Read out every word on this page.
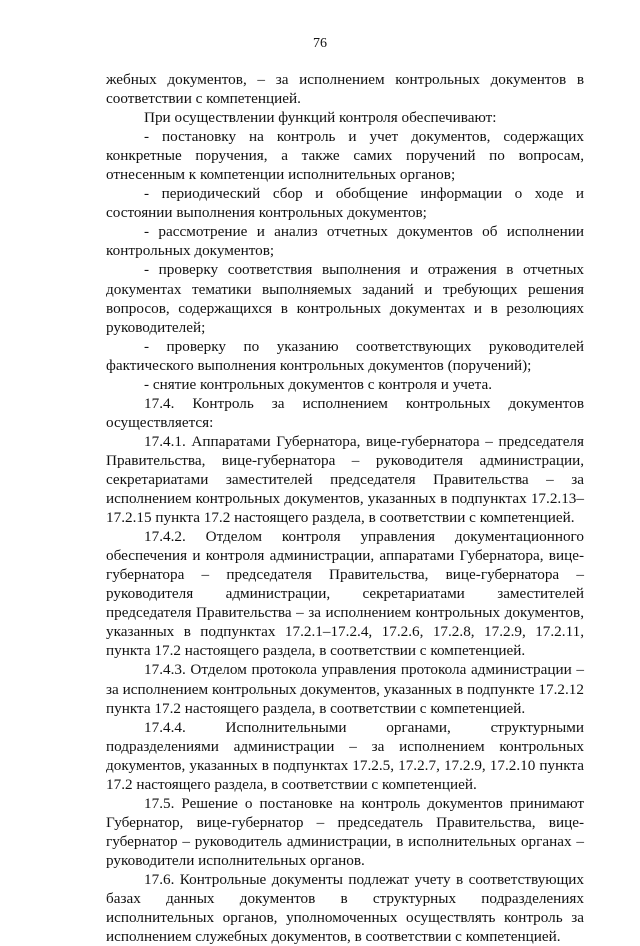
76

жебных документов, – за исполнением контрольных документов в соответствии с компетенцией.

При осуществлении функций контроля обеспечивают:

- постановку на контроль и учет документов, содержащих конкретные поручения, а также самих поручений по вопросам, отнесенным к компетенции исполнительных органов;

- периодический сбор и обобщение информации о ходе и состоянии выполнения контрольных документов;

- рассмотрение и анализ отчетных документов об исполнении контрольных документов;

- проверку соответствия выполнения и отражения в отчетных документах тематики выполняемых заданий и требующих решения вопросов, содержащихся в контрольных документах и в резолюциях руководителей;

- проверку по указанию соответствующих руководителей фактического выполнения контрольных документов (поручений);

- снятие контрольных документов с контроля и учета.

17.4. Контроль за исполнением контрольных документов осуществляется:

17.4.1. Аппаратами Губернатора, вице-губернатора – председателя Правительства, вице-губернатора – руководителя администрации, секретариатами заместителей председателя Правительства – за исполнением контрольных документов, указанных в подпунктах 17.2.13–17.2.15 пункта 17.2 настоящего раздела, в соответствии с компетенцией.

17.4.2. Отделом контроля управления документационного обеспечения и контроля администрации, аппаратами Губернатора, вице-губернатора – председателя Правительства, вице-губернатора – руководителя администрации, секретариатами заместителей председателя Правительства – за исполнением контрольных документов, указанных в подпунктах 17.2.1–17.2.4, 17.2.6, 17.2.8, 17.2.9, 17.2.11, пункта 17.2 настоящего раздела, в соответствии с компетенцией.

17.4.3. Отделом протокола управления протокола администрации – за исполнением контрольных документов, указанных в подпункте 17.2.12 пункта 17.2 настоящего раздела, в соответствии с компетенцией.

17.4.4. Исполнительными органами, структурными подразделениями администрации – за исполнением контрольных документов, указанных в подпунктах 17.2.5, 17.2.7, 17.2.9, 17.2.10 пункта 17.2 настоящего раздела, в соответствии с компетенцией.

17.5. Решение о постановке на контроль документов принимают Губернатор, вице-губернатор – председатель Правительства, вице-губернатор – руководитель администрации, в исполнительных органах – руководители исполнительных органов.

17.6. Контрольные документы подлежат учету в соответствующих базах данных документов в структурных подразделениях исполнительных органов, уполномоченных осуществлять контроль за исполнением служебных документов, в соответствии с компетенцией.
